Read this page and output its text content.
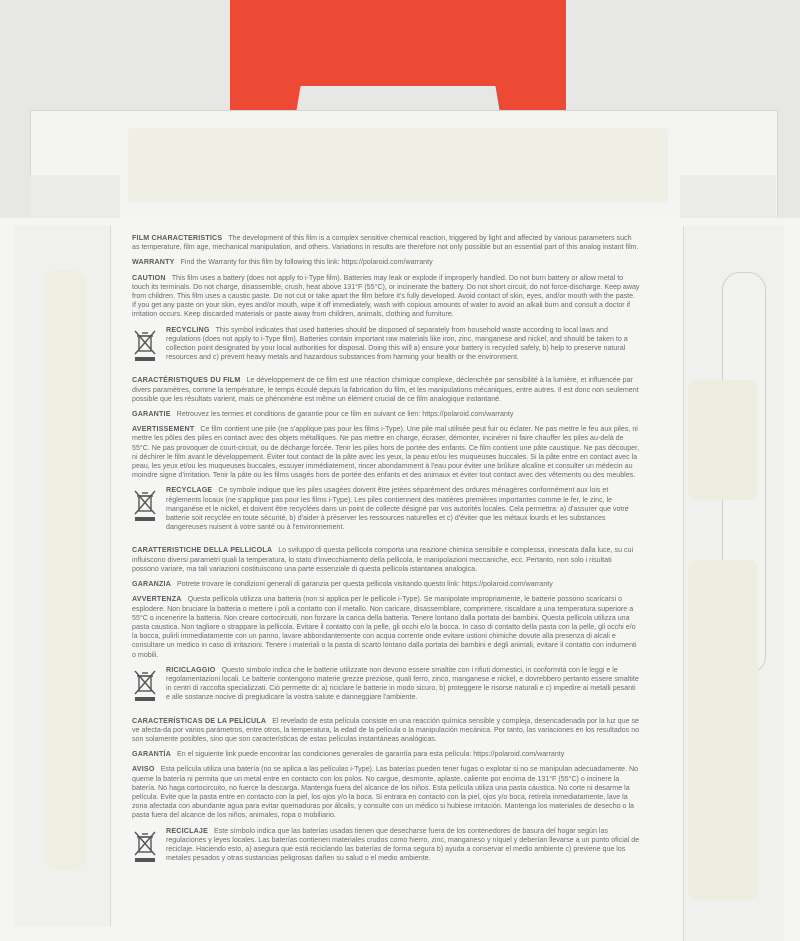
FILM CHARACTERISTICS The development of this film is a complex sensitive chemical reaction, triggered by light and affected by various parameters such as temperature, film age, mechanical manipulation, and others. Variations in results are therefore not only possible but an essential part of this analog instant film.

WARRANTY Find the Warranty for this film by following this link: https://polaroid.com/warranty

CAUTION This film uses a battery (does not apply to i-Type film). Batteries may leak or explode if improperly handled. Do not burn battery or allow metal to touch its terminals. Do not charge, disassemble, crush, heat above 131°F (55°C), or incinerate the battery. Do not short circuit, do not force-discharge. Keep away from children. This film uses a caustic paste. Do not cut or take apart the film before it's fully developed. Avoid contact of skin, eyes, and/or mouth with the paste. If you get any paste on your skin, eyes and/or mouth, wipe it off immediately, wash with copious amounts of water to avoid an alkali burn and consult a doctor if irritation occurs. Keep discarded materials or paste away from children, animals, clothing and furniture.

RECYCLING This symbol indicates that used batteries should be disposed of separately from household waste according to local laws and regulations (does not apply to i-Type film). Batteries contain important raw materials like iron, zinc, manganese and nickel, and should be taken to a collection point designated by your local authorities for disposal. Doing this will a) ensure your battery is recycled safely, b) help to preserve natural resources and c) prevent heavy metals and hazardous substances from harming your health or the environment.

CARACTÉRISTIQUES DU FILM Le développement de ce film est une réaction chimique complexe, déclenchée par sensibilité à la lumière, et influencée par divers paramètres, comme la température, le temps écoulé depuis la fabrication du film, et les manipulations mécaniques, entre autres. Il est donc non seulement possible que les résultats varient, mais ce phénomène est même un élément crucial de ce film analogique instantané.

GARANTIE Retrouvez les termes et conditions de garantie pour ce film en suivant ce lien: https://polaroid.com/warranty

AVERTISSEMENT Ce film contient une pile (ne s'applique pas pour les films i-Type). Une pile mal utilisée peut fuir ou éclater. Ne pas mettre le feu aux piles, ni mettre les pôles des piles en contact avec des objets métalliques. Ne pas mettre en charge, écraser, démonter, incinérer ni faire chauffer les piles au-delà de 55°C. Ne pas provoquer de court-circuit, ou de décharge forcée. Tenir les piles hors de portée des enfants. Ce film contient une pâte caustique. Ne pas découper, ni déchirer le film avant le développement. Éviter tout contact de la pâte avec les yeux, la peau et/ou les muqueuses buccales. Si la pâte entre en contact avec la peau, les yeux et/ou les muqueuses buccales, essuyer immédiatement, rincer abondamment à l'eau pour éviter une brûlure alcaline et consulter un médecin au moindre signe d'irritation. Tenir la pâte ou les films usagés hors de portée des enfants et des animaux et éviter tout contact avec des vêtements ou des meubles.

RECYCLAGE Ce symbole indique que les piles usagées doivent être jetées séparément des ordures ménagères conformément aux lois et règlements locaux (ne s'applique pas pour les films i-Type). Les piles contiennent des matières premières importantes comme le fer, le zinc, le manganèse et le nickel, et doivent être recyclées dans un point de collecte désigné par vos autorités locales. Cela permettra: a) d'assurer que votre batterie soit recyclée en toute sécurité, b) d'aider à préserver les ressources naturelles et c) d'éviter que les métaux lourds et les substances dangereuses nuisent à votre santé ou à l'environnement.

CARATTERISTICHE DELLA PELLICOLA Lo sviluppo di questa pellicola comporta una reazione chimica sensibile e complessa, innescata dalla luce, su cui influiscono diversi parametri quali la temperatura, lo stato d'invecchiamento della pellicola, le manipolazioni meccaniche, ecc. Pertanto, non solo i risultati possono variare, ma tali variazioni costituiscono una parte essenziale di questa pellicola istantanea analogica.

GARANZIA Potrete trovare le condizioni generali di garanzia per questa pellicola visitando questo link: https://polaroid.com/warranty

AVVERTENZA Questa pellicola utilizza una batteria (non si applica per le pellicole i-Type). Se manipolate impropriamente, le batterie possono scaricarsi o esplodere. Non bruciare la batteria o mettere i poli a contatto con il metallo. Non caricare, disassemblare, comprimere, riscaldare a una temperatura superiore a 55°C o incenerire la batteria. Non creare cortocircuiti, non forzare la carica della batteria. Tenere lontano dalla portata dei bambini. Questa pellicola utilizza una pasta caustica. Non tagliare o strappare la pellicola. Evitare il contatto con la pelle, gli occhi e/o la bocca. In caso di contatto della pasta con la pelle, gli occhi e/o la bocca, pulirli immediatamente con un panno, lavare abbondantemente con acqua corrente onde evitare ustioni chimiche dovute alla presenza di alcali e consultare un medico in caso di irritazioni. Tenere i materiali o la pasta di scarto lontano dalla portata dei bambini e degli animali, evitare il contatto con indumenti o mobili.

RICICLAGGIO Questo simbolo indica che le batterie utilizzate non devono essere smaltite con i rifiuti domestici, in conformità con le leggi e le regolamentazioni locali. Le batterie contengono materie grezze preziose, quali ferro, zinco, manganese e nickel, e dovrebbero pertanto essere smaltite in centri di raccolta specializzati. Ciò permette di: a) riciclare le batterie in modo sicuro, b) proteggere le risorse naturali e c) impedire ai metalli pesanti e alle sostanze nocive di pregiudicare la vostra salute e danneggiare l'ambiente.

CARACTERÍSTICAS DE LA PELÍCULA El revelado de esta película consiste en una reacción química sensible y compleja, desencadenada por la luz que se ve afecta-da por varios parámetros, entre otros, la temperatura, la edad de la película o la manipulación mecánica. Por tanto, las variaciones en los resultados no son solamente posibles, sino que son características de estas películas instantáneas analógicas.

GARANTÍA En el siguiente link puede encontrar las condiciones generales de garantía para esta película: https://polaroid.com/warranty

AVISO Esta película utiliza una batería (no se aplica a las películas i-Type). Las baterías pueden tener fugas o explotar si no se manipulan adecuadamente. No queme la batería ni permita que un metal entre en contacto con los polos. No cargue, desmonte, aplaste, caliente por encima de 131°F (55°C) o incinere la batería. No haga cortocircuito, no fuerce la descarga. Mantenga fuera del alcance de los niños. Esta película utiliza una pasta cáustica. No corte ni desarme la película. Evite que la pasta entre en contacto con la piel, los ojos y/o la boca. Si entrara en contacto con la piel, ojos y/o boca, retírela inmediatamente, lave la zona afectada con abundante agua para evitar quemaduras por álcalis, y consulte con un médico si hubiese irritación. Mantenga los materiales de desecho o la pasta fuera del alcance de los niños, animales, ropa o mobiliario.

RECICLAJE Este símbolo indica que las baterías usadas tienen que desecharse fuera de los contenedores de basura del hogar según las regulaciones y leyes locales. Las baterías contienen materiales crudos como hierro, zinc, manganeso y níquel y deberían llevarse a un punto oficial de reciclaje. Haciendo esto, a) asegura que está reciclando las baterías de forma segura b) ayuda a conservar el medio ambiente c) previene que los metales pesados y otras sustancias peligrosas dañen su salud o el medio ambiente.
